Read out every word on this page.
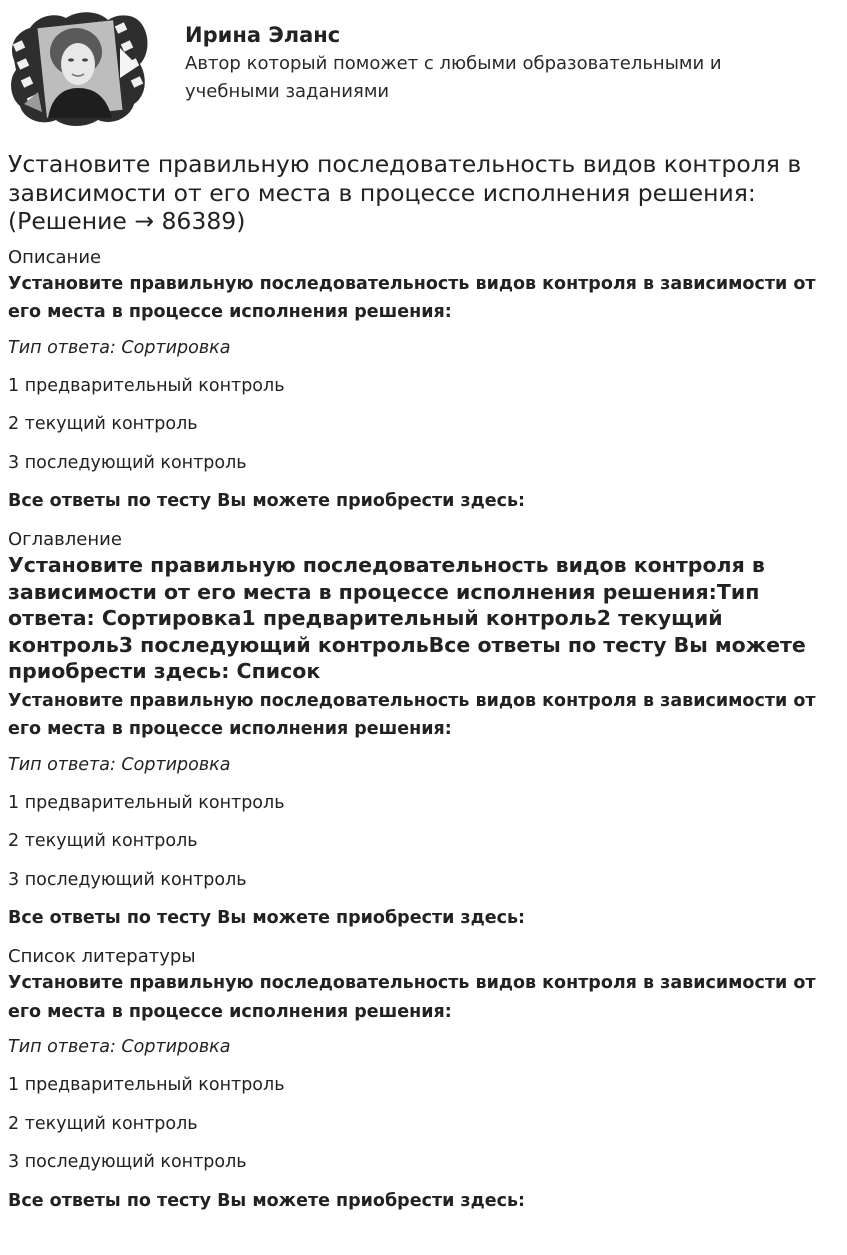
Ирина Эланс

Автор который поможет с любыми образовательными и учебными заданиями

Установите правильную последовательность видов контроля в зависимости от его места в процессе исполнения решения: (Решение → 86389)

Описание

Установите правильную последовательность видов контроля в зависимости от его места в процессе исполнения решения:

Тип ответа: Сортировка

1 предварительный контроль

2 текущий контроль

3 последующий контроль

Все ответы по тесту Вы можете приобрести здесь:

Оглавление

Установите правильную последовательность видов контроля в зависимости от его места в процессе исполнения решения:Тип ответа: Сортировка1 предварительный контроль2 текущий контроль3 последующий контрольВсе ответы по тесту Вы можете приобрести здесь: Список

Установите правильную последовательность видов контроля в зависимости от его места в процессе исполнения решения:

Тип ответа: Сортировка

1 предварительный контроль

2 текущий контроль

3 последующий контроль

Все ответы по тесту Вы можете приобрести здесь:

Список литературы

Установите правильную последовательность видов контроля в зависимости от его места в процессе исполнения решения:

Тип ответа: Сортировка

1 предварительный контроль

2 текущий контроль

3 последующий контроль

Все ответы по тесту Вы можете приобрести здесь:
